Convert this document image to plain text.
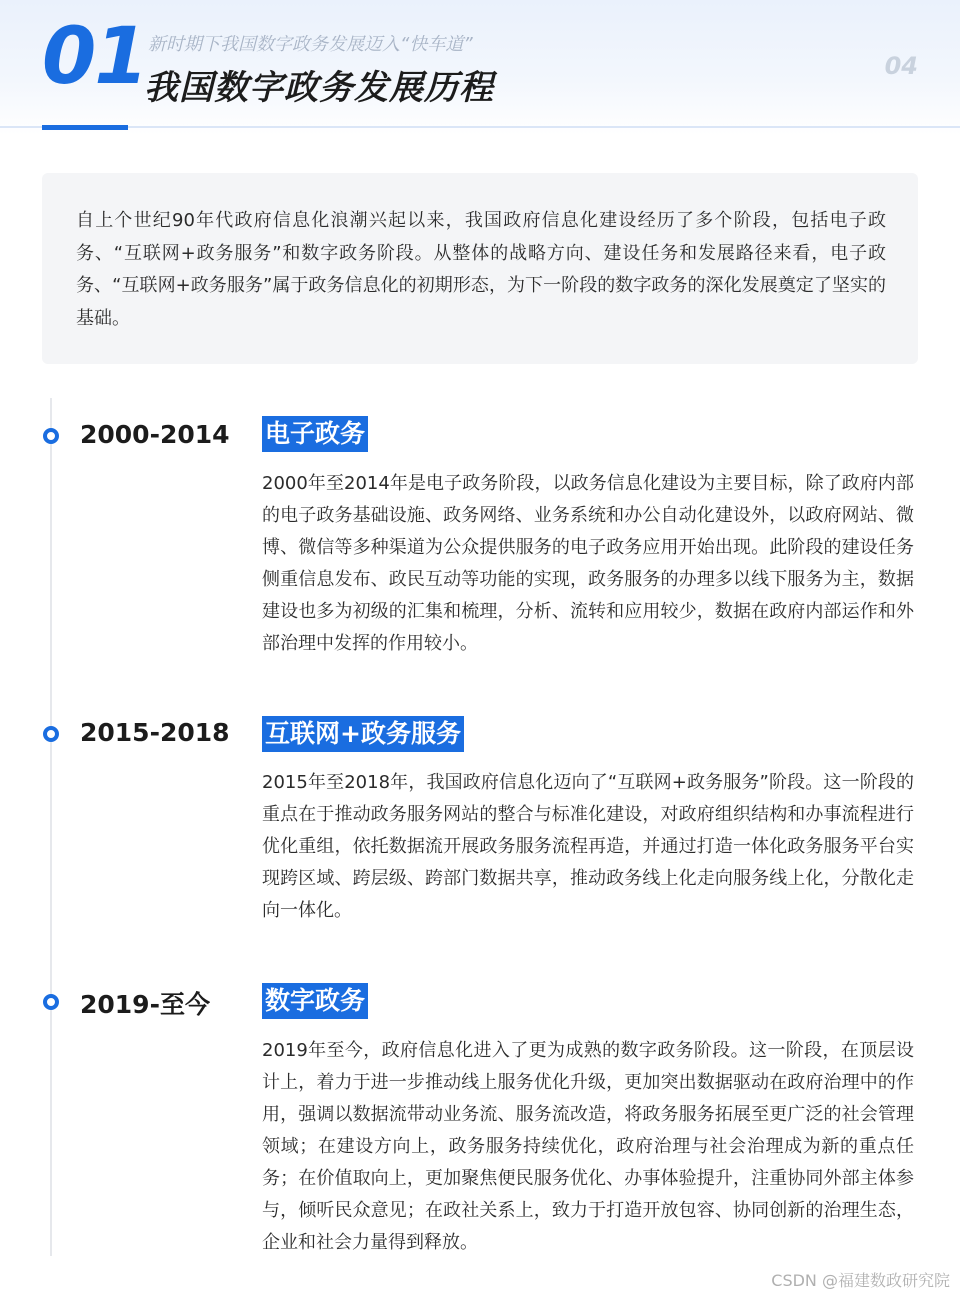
01 新时期下我国数字政务发展迈入“快车道”
我国数字政务发展历程
04

自上个世纪90年代政府信息化浪潮兴起以来，我国政府信息化建设经历了多个阶段，包括电子政务、“互联网+政务服务”和数字政务阶段。从整体的战略方向、建设任务和发展路径来看，电子政务、“互联网+政务服务”属于政务信息化的初期形态，为下一阶段的数字政务的深化发展奠定了坚实的基础。

2000-2014 电子政务

2000年至2014年是电子政务阶段，以政务信息化建设为主要目标，除了政府内部的电子政务基础设施、政务网络、业务系统和办公自动化建设外，以政府网站、微博、微信等多种渠道为公众提供服务的电子政务应用开始出现。此阶段的建设任务侧重信息发布、政民互动等功能的实现，政务服务的办理多以线下服务为主，数据建设也多为初级的汇集和梳理，分析、流转和应用较少，数据在政府内部运作和外部治理中发挥的作用较小。

2015-2018 互联网+政务服务

2015年至2018年，我国政府信息化迈向了“互联网+政务服务”阶段。这一阶段的重点在于推动政务服务网站的整合与标准化建设，对政府组织结构和办事流程进行优化重组，依托数据流开展政务服务流程再造，并通过打造一体化政务服务平台实现跨区域、跨层级、跨部门数据共享，推动政务线上化走向服务线上化，分散化走向一体化。

2019-至今 数字政务

2019年至今，政府信息化进入了更为成熟的数字政务阶段。这一阶段，在顶层设计上，着力于进一步推动线上服务优化升级，更加突出数据驱动在政府治理中的作用，强调以数据流带动业务流、服务流改造，将政务服务拓展至更广泛的社会管理领域；在建设方向上，政务服务持续优化，政府治理与社会治理成为新的重点任务；在价值取向上，更加聚焦便民服务优化、办事体验提升，注重协同外部主体参与，倾听民众意见；在政社关系上，致力于打造开放包容、协同创新的治理生态，企业和社会力量得到释放。

CSDN @福建数政研究院
